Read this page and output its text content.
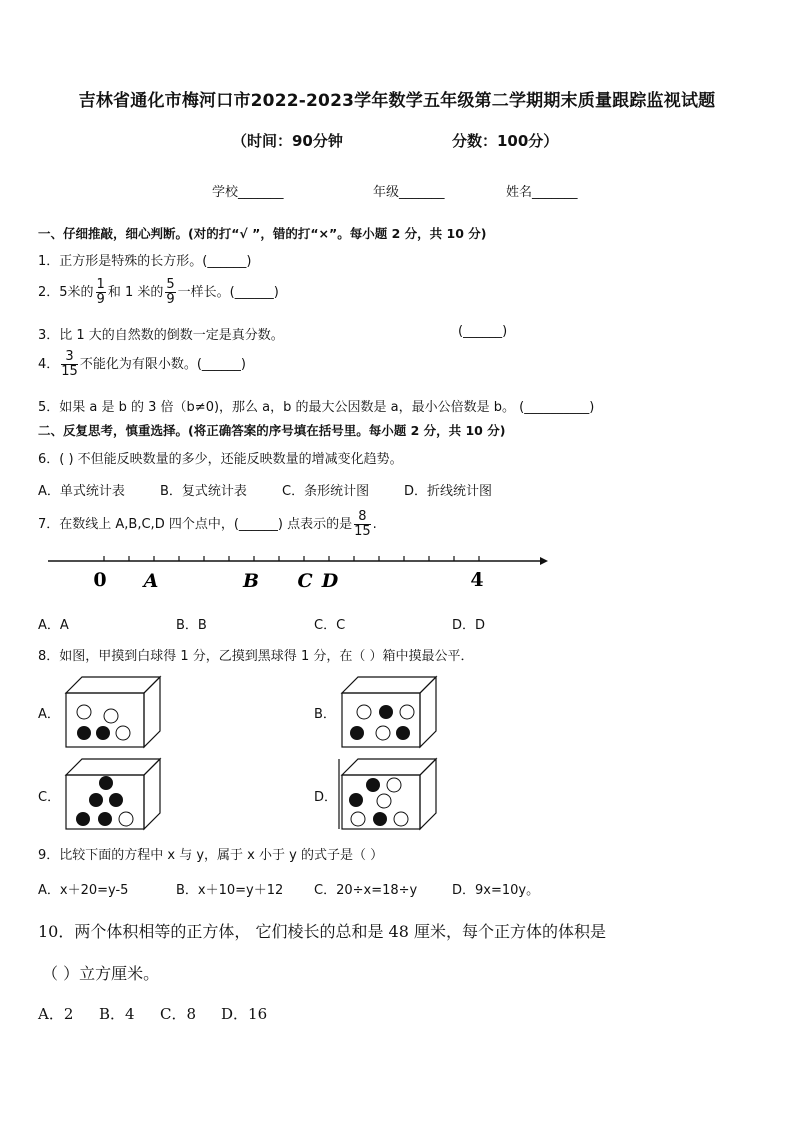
吉林省通化市梅河口市2022-2023学年数学五年级第二学期期末质量跟踪监视试题
（时间：90分钟	分数：100分）
学校_______	年级_______	姓名_______
一、仔细推敲，细心判断。(对的打“√ ”，错的打“×”。每小题 2 分，共 10 分)
1．正方形是特殊的长方形。(______)
2．5米的 $\frac{1}{9}$ 和 1 米的 $\frac{5}{9}$ 一样长。(______)
3．比 1 大的自然数的倒数一定是真分数。	(______)
4． $\frac{3}{15}$ 不能化为有限小数。(______)
5．如果 a 是 b 的 3 倍（b≠0)，那么 a，b 的最大公因数是 a，最小公倍数是 b。 (__________)
二、反复思考，慎重选择。(将正确答案的序号填在括号里。每小题 2 分，共 10 分)
6．( ) 不但能反映数量的多少，还能反映数量的增减变化趋势。
A．单式统计表	B．复式统计表	C．条形统计图	D．折线统计图
7．在数线上 A,B,C,D 四个点中，(______) 点表示的是 $\frac{8}{15}$ .
0 A	B C D	4
A．A	B．B	C．C	D．D
8．如图，甲摸到白球得 1 分，乙摸到黑球得 1 分，在（ ）箱中摸最公平．
A．	B．
C．	D．
9．比较下面的方程中 x 与 y，属于 x 小于 y 的式子是（ ）
A．x＋20=y-5	B．x＋10=y＋12 C．20÷x=18÷y	D．9x=10y。
10．两个体积相等的正方体， 它们棱长的总和是 48 厘米，每个正方体的体积是
（ ）立方厘米。
A．2 B．4 C．8 D．16
